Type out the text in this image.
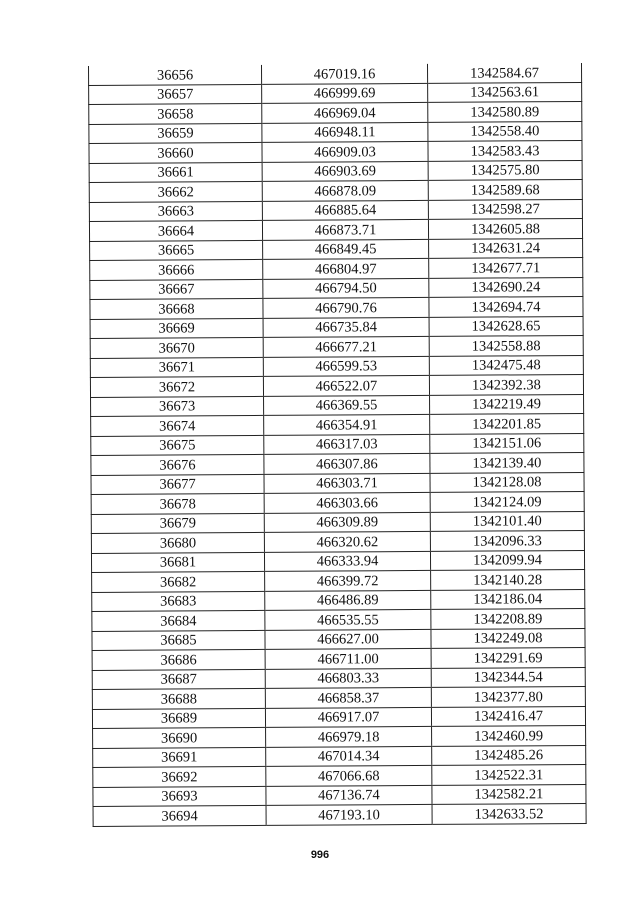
36656	467019.16	1342584.67
36657	466999.69	1342563.61
36658	466969.04	1342580.89
36659	466948.11	1342558.40
36660	466909.03	1342583.43
36661	466903.69	1342575.80
36662	466878.09	1342589.68
36663	466885.64	1342598.27
36664	466873.71	1342605.88
36665	466849.45	1342631.24
36666	466804.97	1342677.71
36667	466794.50	1342690.24
36668	466790.76	1342694.74
36669	466735.84	1342628.65
36670	466677.21	1342558.88
36671	466599.53	1342475.48
36672	466522.07	1342392.38
36673	466369.55	1342219.49
36674	466354.91	1342201.85
36675	466317.03	1342151.06
36676	466307.86	1342139.40
36677	466303.71	1342128.08
36678	466303.66	1342124.09
36679	466309.89	1342101.40
36680	466320.62	1342096.33
36681	466333.94	1342099.94
36682	466399.72	1342140.28
36683	466486.89	1342186.04
36684	466535.55	1342208.89
36685	466627.00	1342249.08
36686	466711.00	1342291.69
36687	466803.33	1342344.54
36688	466858.37	1342377.80
36689	466917.07	1342416.47
36690	466979.18	1342460.99
36691	467014.34	1342485.26
36692	467066.68	1342522.31
36693	467136.74	1342582.21
36694	467193.10	1342633.52
996
